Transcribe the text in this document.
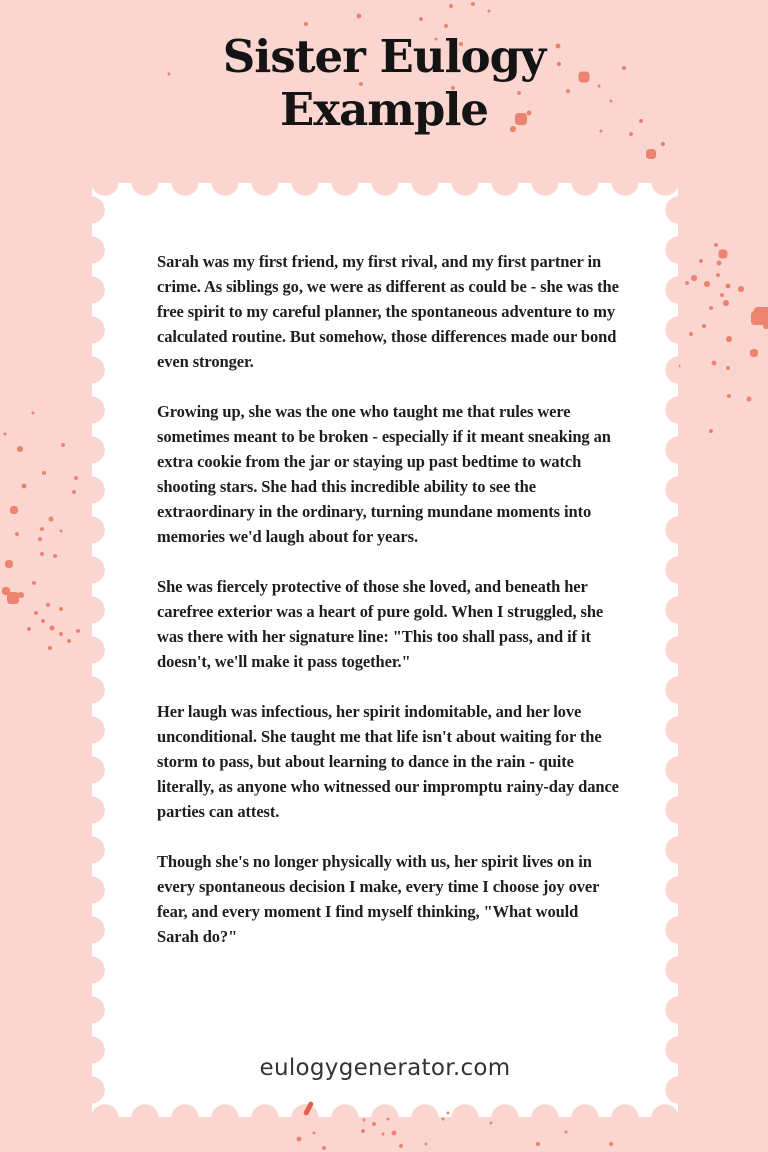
Sister Eulogy
Example

Sarah was my first friend, my first rival, and my first partner in crime. As siblings go, we were as different as could be - she was the free spirit to my careful planner, the spontaneous adventure to my calculated routine. But somehow, those differences made our bond even stronger.

Growing up, she was the one who taught me that rules were sometimes meant to be broken - especially if it meant sneaking an extra cookie from the jar or staying up past bedtime to watch shooting stars. She had this incredible ability to see the extraordinary in the ordinary, turning mundane moments into memories we'd laugh about for years.

She was fiercely protective of those she loved, and beneath her carefree exterior was a heart of pure gold. When I struggled, she was there with her signature line: "This too shall pass, and if it doesn't, we'll make it pass together."

Her laugh was infectious, her spirit indomitable, and her love unconditional. She taught me that life isn't about waiting for the storm to pass, but about learning to dance in the rain - quite literally, as anyone who witnessed our impromptu rainy-day dance parties can attest.

Though she's no longer physically with us, her spirit lives on in every spontaneous decision I make, every time I choose joy over fear, and every moment I find myself thinking, "What would Sarah do?"

eulogygenerator.com
